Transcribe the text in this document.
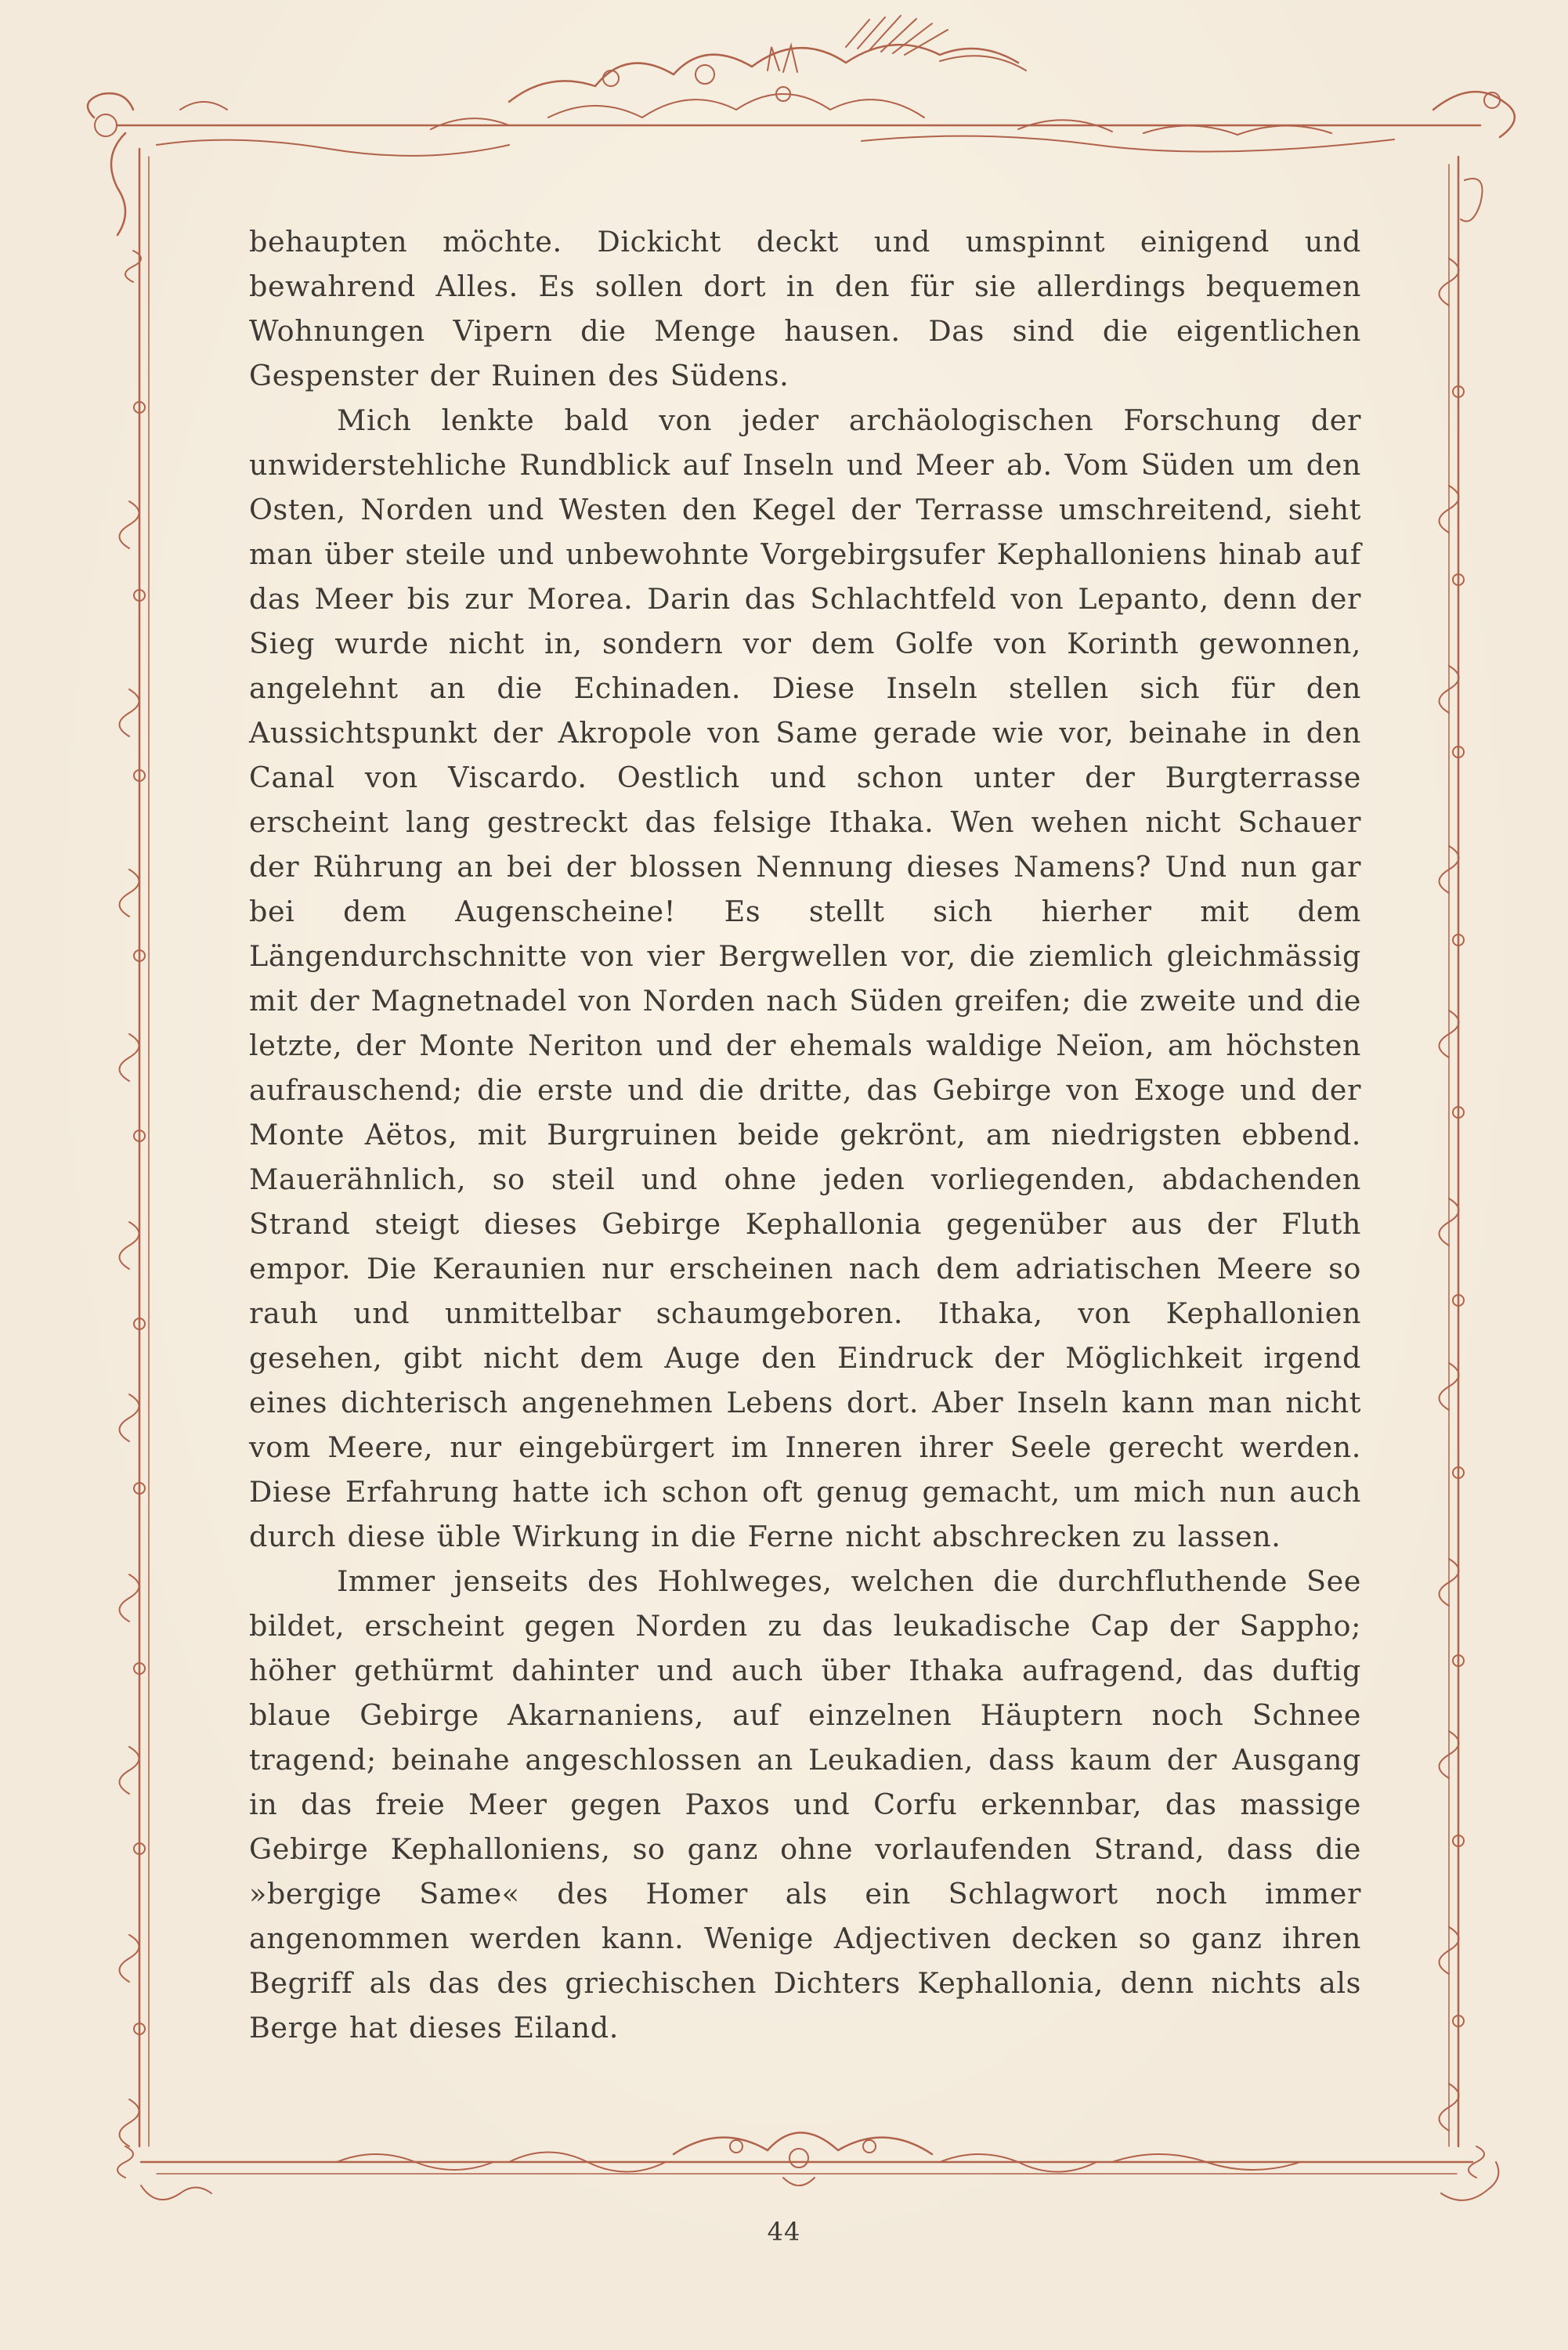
behaupten möchte. Dickicht deckt und umspinnt einigend und bewahrend Alles. Es sollen dort in den für sie allerdings bequemen Wohnungen Vipern die Menge hausen. Das sind die eigentlichen Gespenster der Ruinen des Südens.

Mich lenkte bald von jeder archäologischen Forschung der unwiderstehliche Rundblick auf Inseln und Meer ab. Vom Süden um den Osten, Norden und Westen den Kegel der Terrasse umschreitend, sieht man über steile und unbewohnte Vorgebirgsufer Kephalloniens hinab auf das Meer bis zur Morea. Darin das Schlachtfeld von Lepanto, denn der Sieg wurde nicht in, sondern vor dem Golfe von Korinth gewonnen, angelehnt an die Echinaden. Diese Inseln stellen sich für den Aussichtspunkt der Akropole von Same gerade wie vor, beinahe in den Canal von Viscardo. Oestlich und schon unter der Burgterrasse erscheint lang gestreckt das felsige Ithaka. Wen wehen nicht Schauer der Rührung an bei der blossen Nennung dieses Namens? Und nun gar bei dem Augenscheine! Es stellt sich hierher mit dem Längendurchschnitte von vier Bergwellen vor, die ziemlich gleichmässig mit der Magnetnadel von Norden nach Süden greifen; die zweite und die letzte, der Monte Neriton und der ehemals waldige Neïon, am höchsten aufrauschend; die erste und die dritte, das Gebirge von Exoge und der Monte Aëtos, mit Burgruinen beide gekrönt, am niedrigsten ebbend. Mauerähnlich, so steil und ohne jeden vorliegenden, abdachenden Strand steigt dieses Gebirge Kephallonia gegenüber aus der Fluth empor. Die Keraunien nur erscheinen nach dem adriatischen Meere so rauh und unmittelbar schaumgeboren. Ithaka, von Kephallonien gesehen, gibt nicht dem Auge den Eindruck der Möglichkeit irgend eines dichterisch angenehmen Lebens dort. Aber Inseln kann man nicht vom Meere, nur eingebürgert im Inneren ihrer Seele gerecht werden. Diese Erfahrung hatte ich schon oft genug gemacht, um mich nun auch durch diese üble Wirkung in die Ferne nicht abschrecken zu lassen.

Immer jenseits des Hohlweges, welchen die durchfluthende See bildet, erscheint gegen Norden zu das leukadische Cap der Sappho; höher gethürmt dahinter und auch über Ithaka aufragend, das duftig blaue Gebirge Akarnaniens, auf einzelnen Häuptern noch Schnee tragend; beinahe angeschlossen an Leukadien, dass kaum der Ausgang in das freie Meer gegen Paxos und Corfu erkennbar, das massige Gebirge Kephalloniens, so ganz ohne vorlaufenden Strand, dass die »bergige Same« des Homer als ein Schlagwort noch immer angenommen werden kann. Wenige Adjectiven decken so ganz ihren Begriff als das des griechischen Dichters Kephallonia, denn nichts als Berge hat dieses Eiland.

44
